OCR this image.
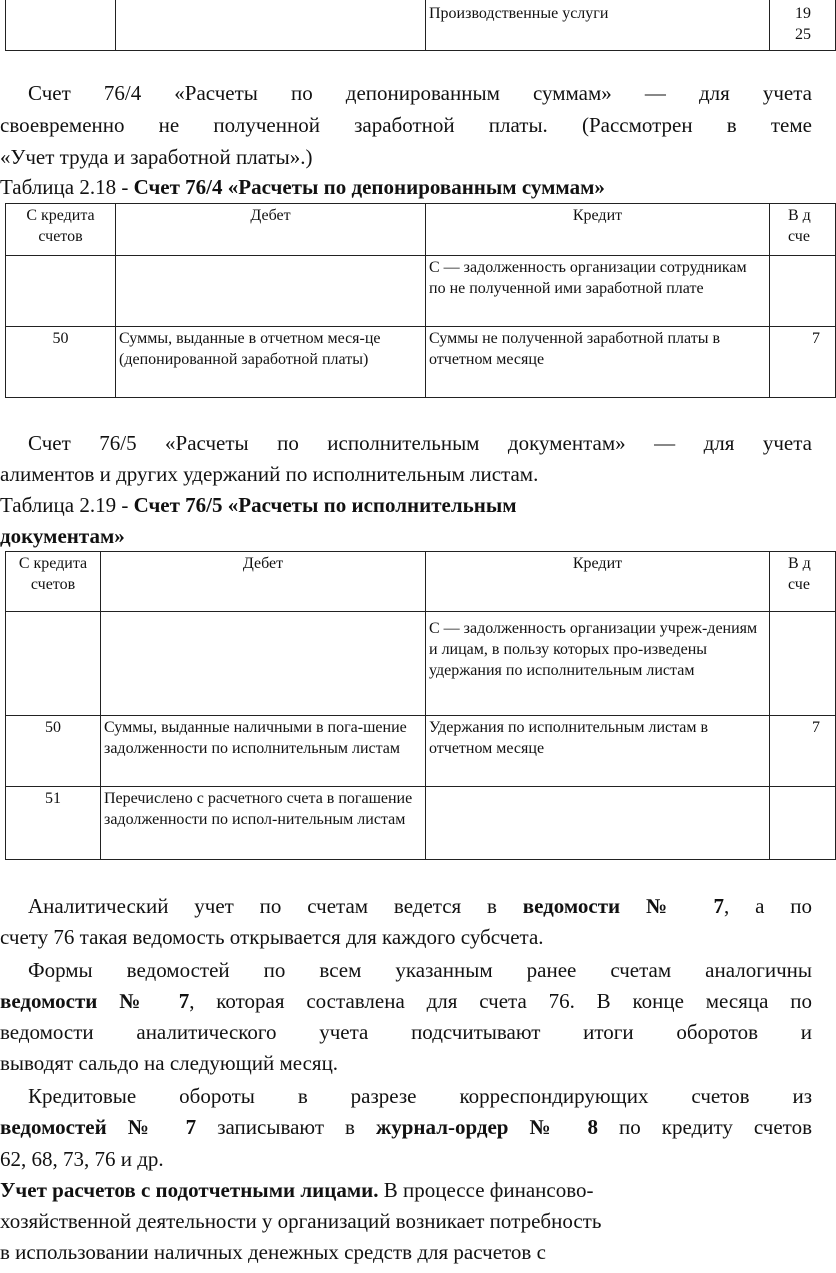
		Производственные услуги	19
25
Счет 76/4 «Расчеты по депонированным суммам» — для учета
своевременно не полученной заработной платы. (Рассмотрен в теме
«Учет труда и заработной платы».)
Таблица 2.18 - Счет 76/4 «Расчеты по депонированным суммам»
С кредита счетов	Дебет	Кредит	В д сче
		С — задолженность организации сотрудникам по не полученной ими заработной плате	
50	Суммы, выданные в отчетном меся-це (депонированной заработной платы)	Суммы не полученной заработной платы в отчетном месяце	7
Счет 76/5 «Расчеты по исполнительным документам» — для учета
алиментов и других удержаний по исполнительным листам.
Таблица 2.19 - Счет 76/5 «Расчеты по исполнительным
документам»
С кредита счетов	Дебет	Кредит	В д сче
		С — задолженность организации учреж-дениям и лицам, в пользу которых про-изведены удержания по исполнительным листам	
50	Суммы, выданные наличными в пога-шение задолженности по исполнительным листам	Удержания по исполнительным листам в отчетном месяце	7
51	Перечислено с расчетного счета в погашение задолженности по испол-нительным листам		
Аналитический учет по счетам ведется в ведомости № 7, а по
счету 76 такая ведомость открывается для каждого субсчета.
Формы ведомостей по всем указанным ранее счетам аналогичны
ведомости № 7, которая составлена для счета 76. В конце месяца по
ведомости аналитического учета подсчитывают итоги оборотов и
выводят сальдо на следующий месяц.
Кредитовые обороты в разрезе корреспондирующих счетов из
ведомостей № 7 записывают в журнал-ордер № 8 по кредиту счетов
62, 68, 73, 76 и др.
Учет расчетов с подотчетными лицами. В процессе финансово-
хозяйственной деятельности у организаций возникает потребность
в использовании наличных денежных средств для расчетов с
